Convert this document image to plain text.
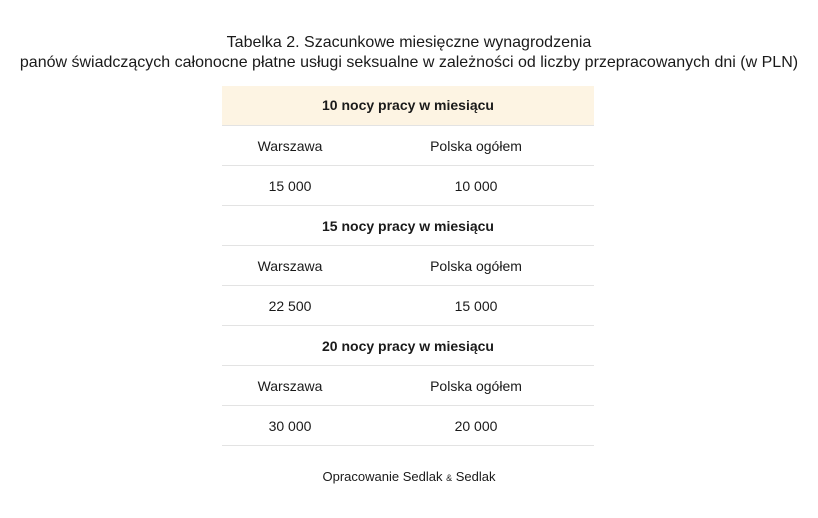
Tabelka 2. Szacunkowe miesięczne wynagrodzenia
panów świadczących całonocne płatne usługi seksualne w zależności od liczby przepracowanych dni (w PLN)
10 nocy pracy w miesiącu
Warszawa	Polska ogółem
15 000	10 000
15 nocy pracy w miesiącu
Warszawa	Polska ogółem
22 500	15 000
20 nocy pracy w miesiącu
Warszawa	Polska ogółem
30 000	20 000
Opracowanie Sedlak & Sedlak
